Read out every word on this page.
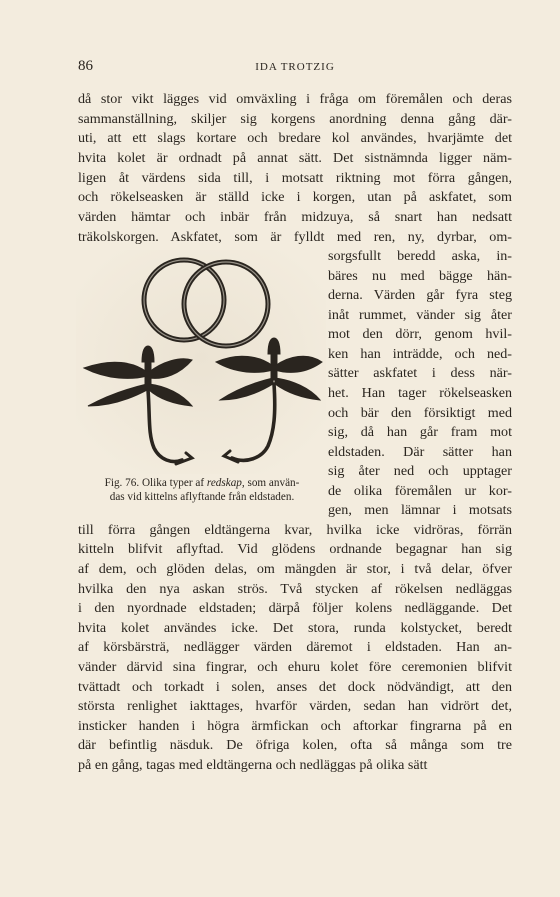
86	IDA TROTZIG
då stor vikt lägges vid omväxling i fråga om föremålen och deras
sammanställning, skiljer sig korgens anordning denna gång där-
uti, att ett slags kortare och bredare kol användes, hvarjämte det
hvita kolet är ordnadt på annat sätt. Det sistnämnda ligger näm-
ligen åt värdens sida till, i motsatt riktning mot förra gången,
och rökelseasken är ställd icke i korgen, utan på askfatet, som
värden hämtar och inbär från midzuya, så snart han nedsatt
träkolskorgen. Askfatet, som är fylldt med ren, ny, dyrbar, om-
sorgsfullt beredd aska, in-
bäres nu med bägge hän-
derna. Värden går fyra steg
inåt rummet, vänder sig åter
mot den dörr, genom hvil-
ken han inträdde, och ned-
sätter askfatet i dess när-
het. Han tager rökelseasken
och bär den försiktigt med
sig, då han går fram mot
eldstaden. Där sätter han
sig åter ned och upptager
de olika föremålen ur kor-
gen, men lämnar i motsats
till förra gången eldtängerna kvar, hvilka icke vidröras, förrän
kitteln blifvit aflyftad. Vid glödens ordnande begagnar han sig
af dem, och glöden delas, om mängden är stor, i två delar, öfver
hvilka den nya askan strös. Två stycken af rökelsen nedläggas
i den nyordnade eldstaden; därpå följer kolens nedläggande. Det
hvita kolet användes icke. Det stora, runda kolstycket, beredt
af körsbärsträ, nedlägger värden däremot i eldstaden. Han an-
vänder därvid sina fingrar, och ehuru kolet före ceremonien blifvit
tvättadt och torkadt i solen, anses det dock nödvändigt, att den
största renlighet iakttages, hvarför värden, sedan han vidrört det,
insticker handen i högra ärmfickan och aftorkar fingrarna på en
där befintlig näsduk. De öfriga kolen, ofta så många som tre
på en gång, tagas med eldtängerna och nedläggas på olika sätt
Fig. 76. Olika typer af redskap, som använ-
das vid kittelns aflyftande från eldstaden.
